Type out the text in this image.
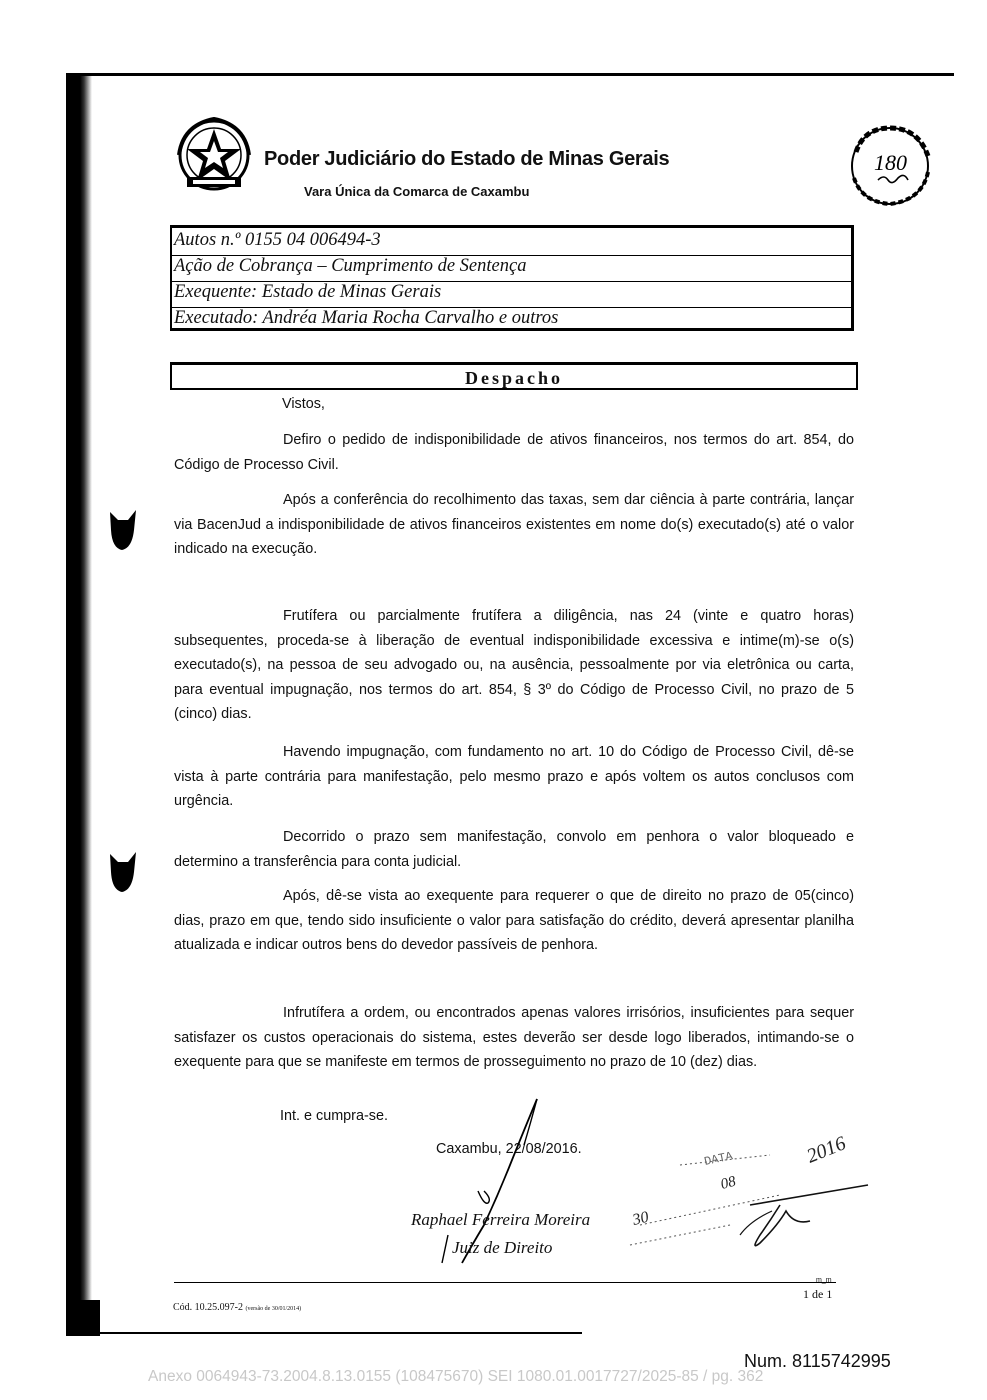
Poder Judiciário do Estado de Minas Gerais
Vara Única da Comarca de Caxambu
180
Autos n.º 0155 04 006494-3
Ação de Cobrança – Cumprimento de Sentença
Exequente: Estado de Minas Gerais
Executado: Andréa Maria Rocha Carvalho e outros
Despacho
Vistos,
Defiro o pedido de indisponibilidade de ativos financeiros, nos termos do art. 854, do Código de Processo Civil.
Após a conferência do recolhimento das taxas, sem dar ciência à parte contrária, lançar via BacenJud a indisponibilidade de ativos financeiros existentes em nome do(s) executado(s) até o valor indicado na execução.
Frutífera ou parcialmente frutífera a diligência, nas 24 (vinte e quatro horas) subsequentes, proceda-se à liberação de eventual indisponibilidade excessiva e intime(m)-se o(s) executado(s), na pessoa de seu advogado ou, na ausência, pessoalmente por via eletrônica ou carta, para eventual impugnação, nos termos do art. 854, § 3º do Código de Processo Civil, no prazo de 5 (cinco) dias.
Havendo impugnação, com fundamento no art. 10 do Código de Processo Civil, dê-se vista à parte contrária para manifestação, pelo mesmo prazo e após voltem os autos conclusos com urgência.
Decorrido o prazo sem manifestação, convolo em penhora o valor bloqueado e determino a transferência para conta judicial.
Após, dê-se vista ao exequente para requerer o que de direito no prazo de 05(cinco) dias, prazo em que, tendo sido insuficiente o valor para satisfação do crédito, deverá apresentar planilha atualizada e indicar outros bens do devedor passíveis de penhora.
Infrutífera a ordem, ou encontrados apenas valores irrisórios, insuficientes para sequer satisfazer os custos operacionais do sistema, estes deverão ser desde logo liberados, intimando-se o exequente para que se manifeste em termos de prosseguimento no prazo de 10 (dez) dias.
Int. e cumpra-se.
Caxambu, 22/08/2016.
Raphael Ferreira Moreira
Juiz de Direito
DATA
30
08
2016
m_m
1 de 1
Cód. 10.25.097-2 (versão de 30/01/2014)
Num. 8115742995
Anexo 0064943-73.2004.8.13.0155 (108475670) SEI 1080.01.0017727/2025-85 / pg. 362
